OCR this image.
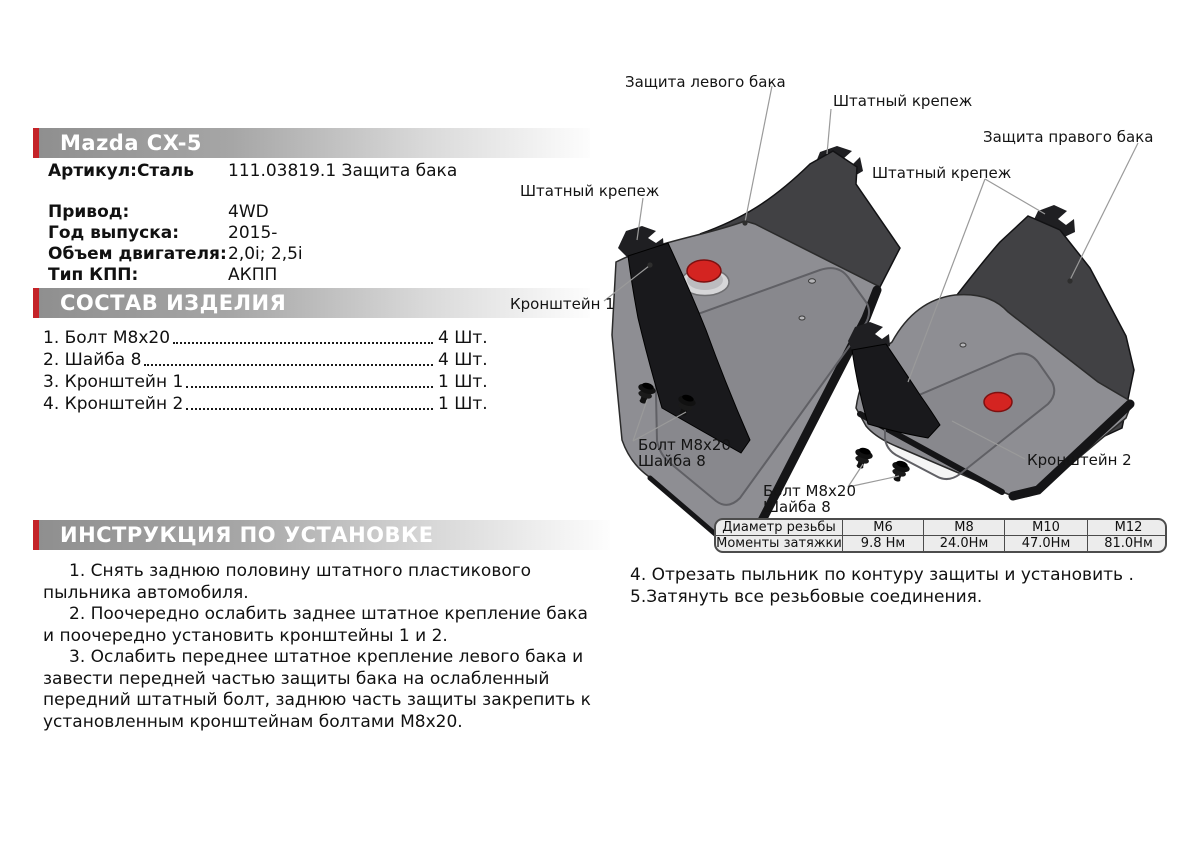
Mazda CX-5
Артикул:Сталь 111.03819.1 Защита бака
Привод:	4WD
Год выпуска:	2015-
Объем двигателя: 2,0i; 2,5i
Тип КПП:	АКПП
СОСТАВ ИЗДЕЛИЯ
1. Болт М8х20	4 Шт.
2. Шайба 8	4 Шт.
3. Кронштейн 1	1 Шт.
4. Кронштейн 2	1 Шт.
ИНСТРУКЦИЯ ПО УСТАНОВКЕ

1. Снять заднюю половину штатного пластикового пыльника автомобиля.

2. Поочередно ослабить заднее штатное крепление бака и поочередно установить кронштейны 1 и 2.

3. Ослабить переднее штатное крепление левого бака и завести передней частью защиты бака на ослабленный передний штатный болт, заднюю часть защиты закрепить к установленным кронштейнам болтами М8х20.

4. Отрезать пыльник по контуру защиты и установить .

5.Затянуть все резьбовые соединения.

Диаметр резьбы	М6	М8	М10	М12
Моменты затяжки	9.8 Нм	24.0Нм	47.0Нм	81.0Нм
Защита левого бака
Штатный крепеж
Защита правого бака
Штатный крепеж
Штатный крепеж
Кронштейн 1
Болт М8х20
Шайба 8
Болт М8х20
Шайба 8
Кронштейн 2
